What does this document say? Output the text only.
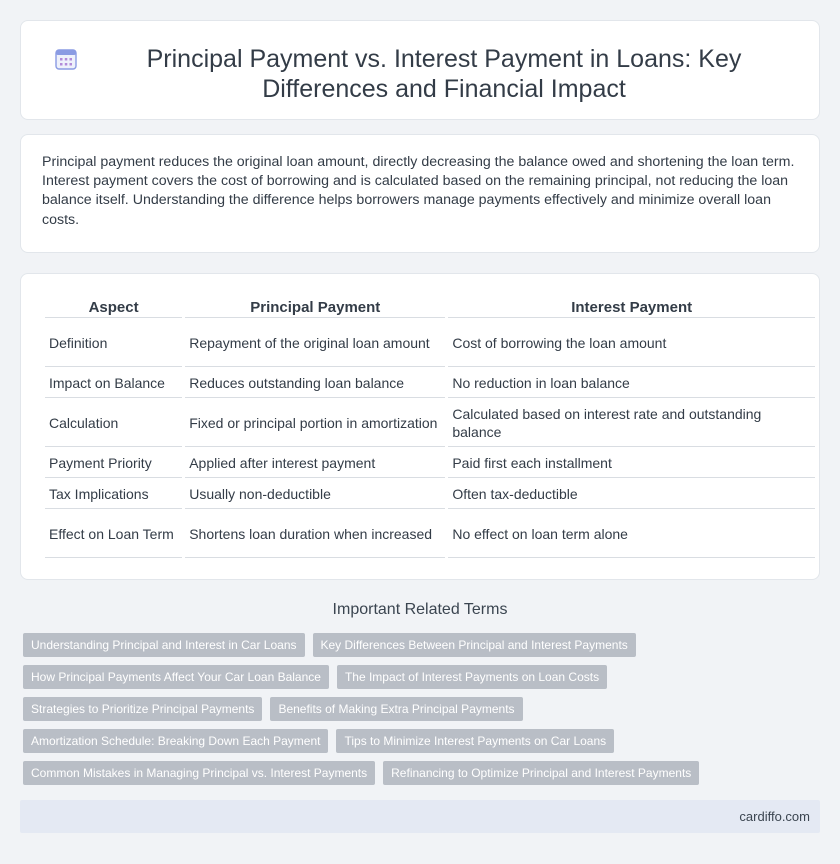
Principal Payment vs. Interest Payment in Loans: Key Differences and Financial Impact

Principal payment reduces the original loan amount, directly decreasing the balance owed and shortening the loan term. Interest payment covers the cost of borrowing and is calculated based on the remaining principal, not reducing the loan balance itself. Understanding the difference helps borrowers manage payments effectively and minimize overall loan costs.

Aspect	Principal Payment	Interest Payment
Definition	Repayment of the original loan amount	Cost of borrowing the loan amount
Impact on Balance	Reduces outstanding loan balance	No reduction in loan balance
Calculation	Fixed or principal portion in amortization	Calculated based on interest rate and outstanding balance
Payment Priority	Applied after interest payment	Paid first each installment
Tax Implications	Usually non-deductible	Often tax-deductible
Effect on Loan Term	Shortens loan duration when increased	No effect on loan term alone
Important Related Terms
Understanding Principal and Interest in Car Loans	Key Differences Between Principal and Interest Payments
How Principal Payments Affect Your Car Loan Balance	The Impact of Interest Payments on Loan Costs
Strategies to Prioritize Principal Payments	Benefits of Making Extra Principal Payments
Amortization Schedule: Breaking Down Each Payment	Tips to Minimize Interest Payments on Car Loans
Common Mistakes in Managing Principal vs. Interest Payments	Refinancing to Optimize Principal and Interest Payments
cardiffo.com
